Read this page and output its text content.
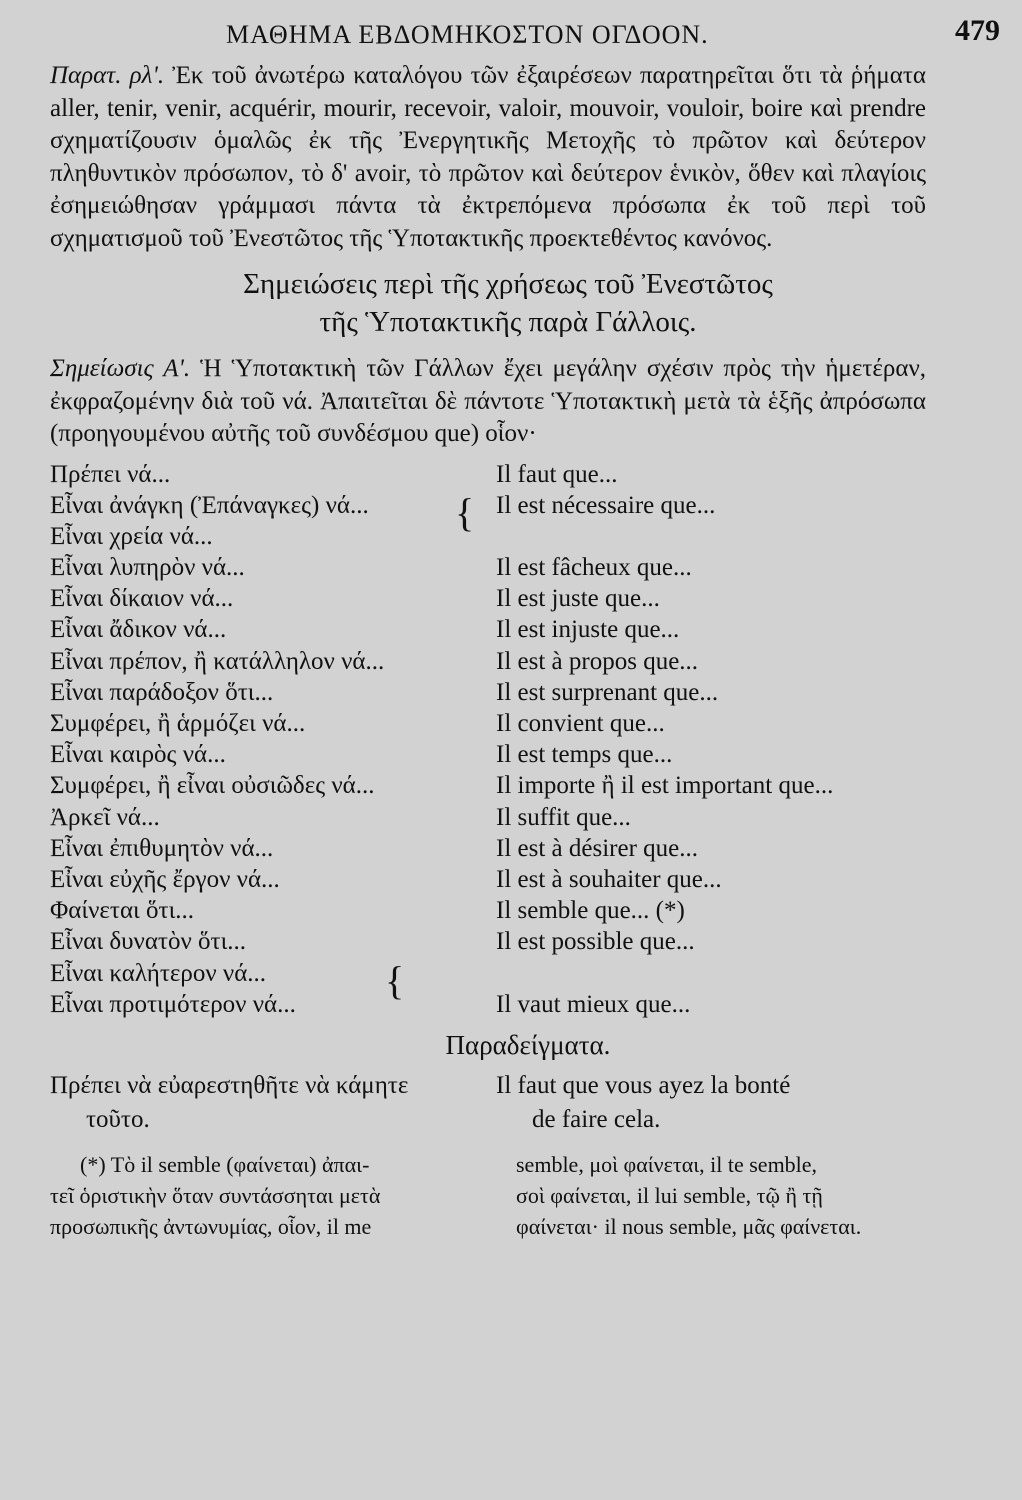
ΜΑΘΗΜΑ ΕΒΔΟΜΗΚΟΣΤΟΝ ΟΓΔΟΟΝ.	479

Παρατ. ρλ'. Ἐκ τοῦ ἀνωτέρω καταλόγου τῶν ἐξαιρέσεων παρατηρεῖται ὅτι τὰ ῥήματα aller, tenir, venir, acquérir, mourir, recevoir, valoir, mouvoir, vouloir, boire καὶ prendre σχηματίζουσιν ὁμαλῶς ἐκ τῆς Ἐνεργητικῆς Μετοχῆς τὸ πρῶτον καὶ δεύτερον πληθυντικὸν πρόσωπον, τὸ δ' avoir, τὸ πρῶτον καὶ δεύτερον ἑνικὸν, ὅθεν καὶ πλαγίοις ἐσημειώθησαν γράμμασι πάντα τὰ ἐκτρεπόμενα πρόσωπα ἐκ τοῦ περὶ τοῦ σχηματισμοῦ τοῦ Ἐνεστῶτος τῆς Ὑποτακτικῆς προεκτεθέντος κανόνος.

Σημειώσεις περὶ τῆς χρήσεως τοῦ Ἐνεστῶτος
τῆς Ὑποτακτικῆς παρὰ Γάλλοις.

Σημείωσις Α'. Ἡ Ὑποτακτικὴ τῶν Γάλλων ἔχει μεγάλην σχέσιν πρὸς τὴν ἡμετέραν, ἐκφραζομένην διὰ τοῦ νά. Ἀπαιτεῖται δὲ πάντοτε Ὑποτακτικὴ μετὰ τὰ ἑξῆς ἀπρόσωπα (προηγουμένου αὐτῆς τοῦ συνδέσμου que) οἷον·

Πρέπει νά...	Il faut que...
Εἶναι ἀνάγκη (Ἐπάναγκες) νά...	Il est nécessaire que...
Εἶναι χρεία νά...
Εἶναι λυπηρὸν νά...	Il est fâcheux que...
Εἶναι δίκαιον νά...	Il est juste que...
Εἶναι ἄδικον νά...	Il est injuste que...
Εἶναι πρέπον, ἢ κατάλληλον νά...	Il est à propos que...
Εἶναι παράδοξον ὅτι...	Il est surprenant que...
Συμφέρει, ἢ ἁρμόζει νά...	Il convient que...
Εἶναι καιρὸς νά...	Il est temps que...
Συμφέρει, ἢ εἶναι οὐσιῶδες νά...	Il importe ἢ il est important que...
Ἀρκεῖ νά...	Il suffit que...
Εἶναι ἐπιθυμητὸν νά...	Il est à désirer que...
Εἶναι εὐχῆς ἔργον νά...	Il est à souhaiter que...
Φαίνεται ὅτι...	Il semble que... (*)
Εἶναι δυνατὸν ὅτι...	Il est possible que...
Εἶναι καλήτερον νά...
Εἶναι προτιμότερον νά...	Il vaut mieux que...
{
{
Παραδείγματα.
Πρέπει νὰ εὐαρεστηθῆτε νὰ κάμητε
τοῦτο.
Il faut que vous ayez la bonté
de faire cela.
(*) Τὸ il semble (φαίνεται) ἀπαι-
τεῖ ὁριστικὴν ὅταν συντάσσηται μετὰ
προσωπικῆς ἀντωνυμίας, οἷον, il me
semble, μοὶ φαίνεται, il te semble,
σοὶ φαίνεται, il lui semble, τῷ ἢ τῇ
φαίνεται· il nous semble, μᾶς φαίνεται.
